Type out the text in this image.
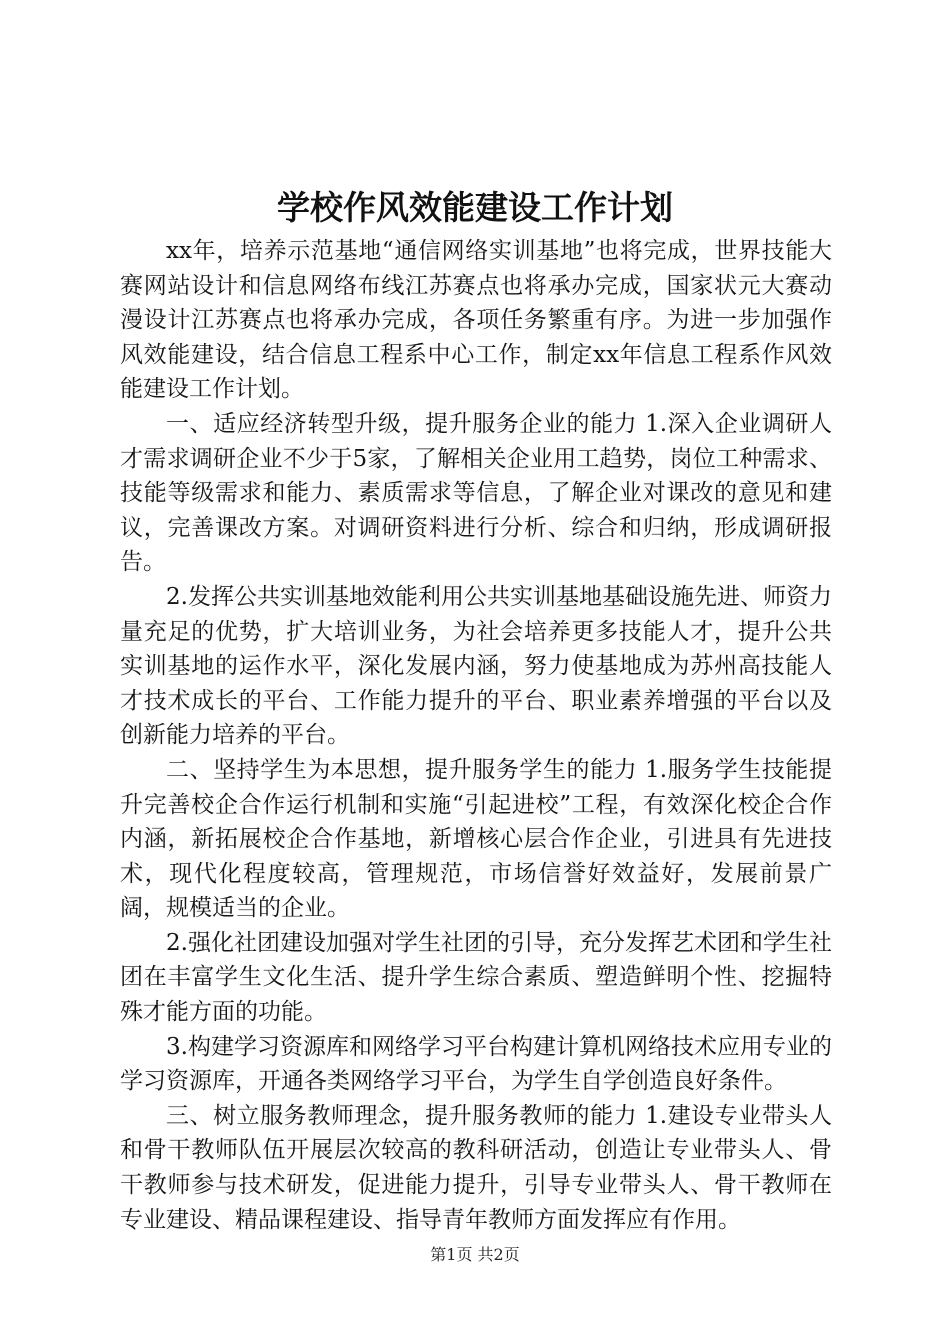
学校作风效能建设工作计划

xx年，培养示范基地“通信网络实训基地”也将完成，世界技能大赛网站设计和信息网络布线江苏赛点也将承办完成，国家状元大赛动漫设计江苏赛点也将承办完成，各项任务繁重有序。为进一步加强作风效能建设，结合信息工程系中心工作，制定xx年信息工程系作风效能建设工作计划。

一、适应经济转型升级，提升服务企业的能力 1.深入企业调研人才需求调研企业不少于5家，了解相关企业用工趋势，岗位工种需求、技能等级需求和能力、素质需求等信息，了解企业对课改的意见和建议，完善课改方案。对调研资料进行分析、综合和归纳，形成调研报告。

2.发挥公共实训基地效能利用公共实训基地基础设施先进、师资力量充足的优势，扩大培训业务，为社会培养更多技能人才，提升公共实训基地的运作水平，深化发展内涵，努力使基地成为苏州高技能人才技术成长的平台、工作能力提升的平台、职业素养增强的平台以及创新能力培养的平台。

二、坚持学生为本思想，提升服务学生的能力 1.服务学生技能提升完善校企合作运行机制和实施“引起进校”工程，有效深化校企合作内涵，新拓展校企合作基地，新增核心层合作企业，引进具有先进技术，现代化程度较高，管理规范，市场信誉好效益好，发展前景广阔，规模适当的企业。

2.强化社团建设加强对学生社团的引导，充分发挥艺术团和学生社团在丰富学生文化生活、提升学生综合素质、塑造鲜明个性、挖掘特殊才能方面的功能。

3.构建学习资源库和网络学习平台构建计算机网络技术应用专业的学习资源库，开通各类网络学习平台，为学生自学创造良好条件。

三、树立服务教师理念，提升服务教师的能力 1.建设专业带头人和骨干教师队伍开展层次较高的教科研活动，创造让专业带头人、骨干教师参与技术研发，促进能力提升，引导专业带头人、骨干教师在专业建设、精品课程建设、指导青年教师方面发挥应有作用。

第1页 共2页
